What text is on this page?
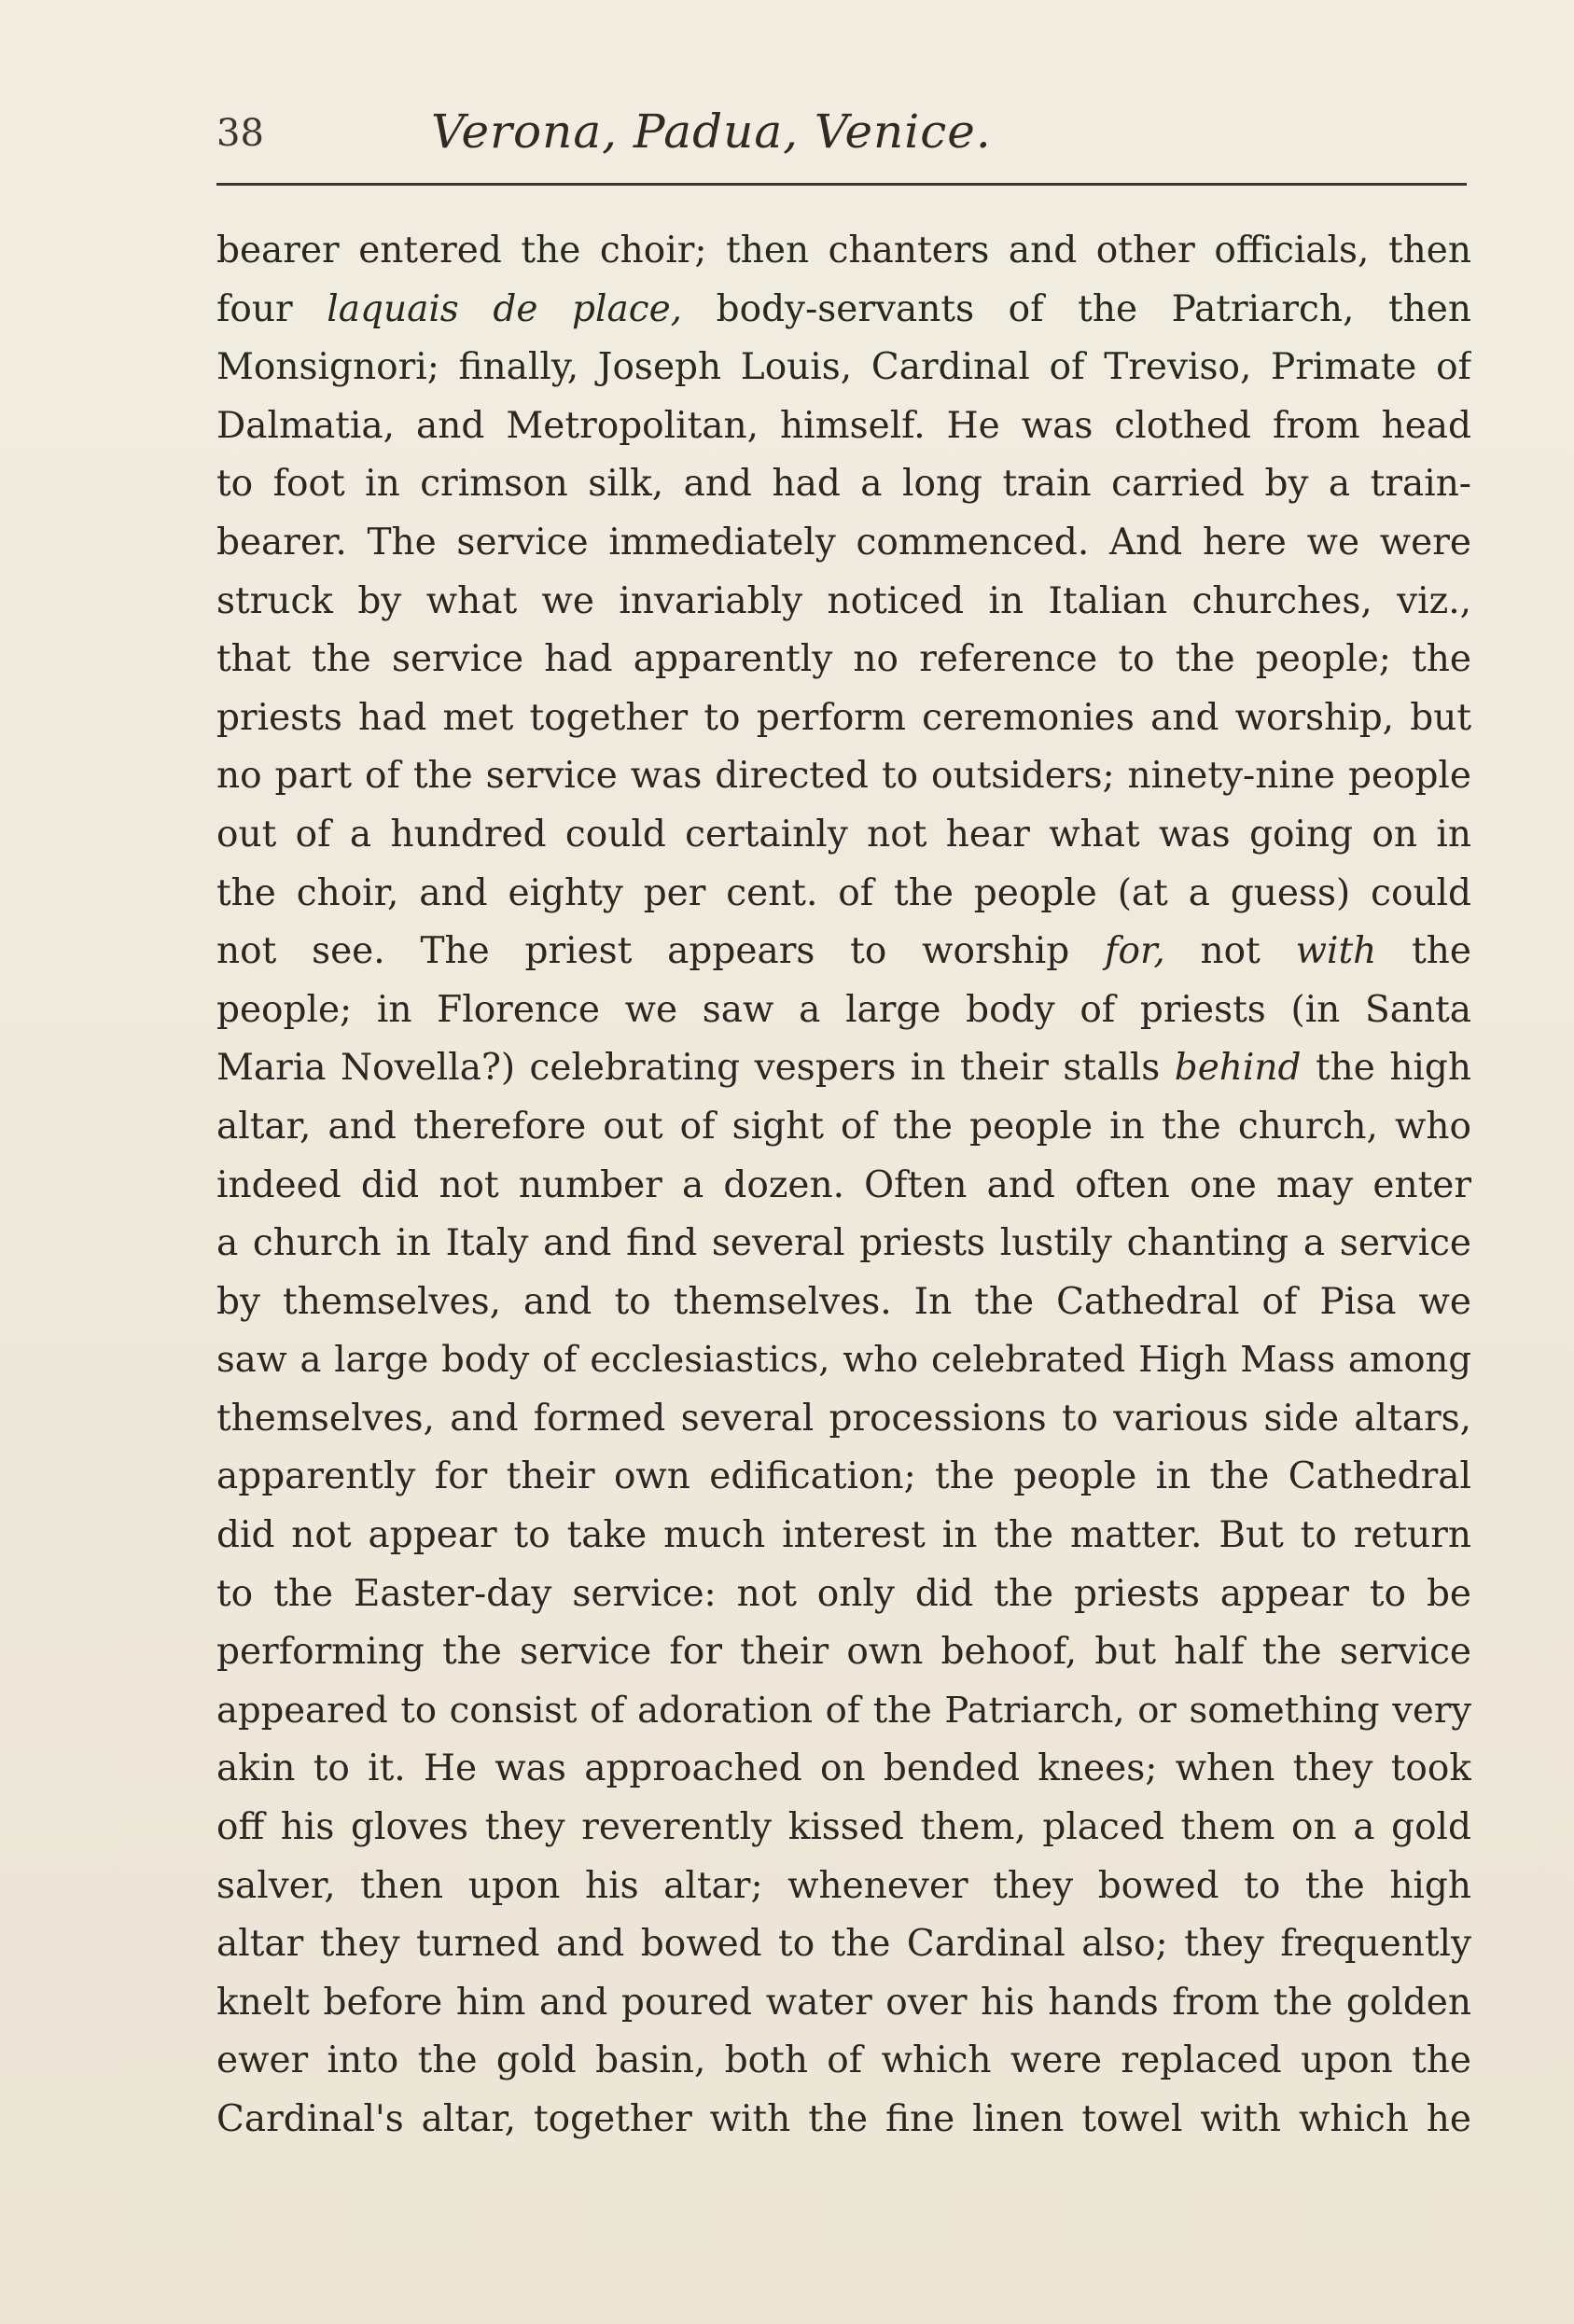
38	Verona, Padua, Venice.
bearer entered the choir; then chanters and other officials, then
four laquais de place, body-servants of the Patriarch, then
Monsignori; finally, Joseph Louis, Cardinal of Treviso, Primate of
Dalmatia, and Metropolitan, himself. He was clothed from head
to foot in crimson silk, and had a long train carried by a train-
bearer. The service immediately commenced. And here we were
struck by what we invariably noticed in Italian churches, viz.,
that the service had apparently no reference to the people; the
priests had met together to perform ceremonies and worship, but
no part of the service was directed to outsiders; ninety-nine people
out of a hundred could certainly not hear what was going on in
the choir, and eighty per cent. of the people (at a guess) could
not see. The priest appears to worship for, not with the
people; in Florence we saw a large body of priests (in Santa
Maria Novella?) celebrating vespers in their stalls behind the high
altar, and therefore out of sight of the people in the church, who
indeed did not number a dozen. Often and often one may enter
a church in Italy and find several priests lustily chanting a service
by themselves, and to themselves. In the Cathedral of Pisa we
saw a large body of ecclesiastics, who celebrated High Mass among
themselves, and formed several processions to various side altars,
apparently for their own edification; the people in the Cathedral
did not appear to take much interest in the matter. But to return
to the Easter-day service: not only did the priests appear to be
performing the service for their own behoof, but half the service
appeared to consist of adoration of the Patriarch, or something very
akin to it. He was approached on bended knees; when they took
off his gloves they reverently kissed them, placed them on a gold
salver, then upon his altar; whenever they bowed to the high
altar they turned and bowed to the Cardinal also; they frequently
knelt before him and poured water over his hands from the golden
ewer into the gold basin, both of which were replaced upon the
Cardinal's altar, together with the fine linen towel with which he
